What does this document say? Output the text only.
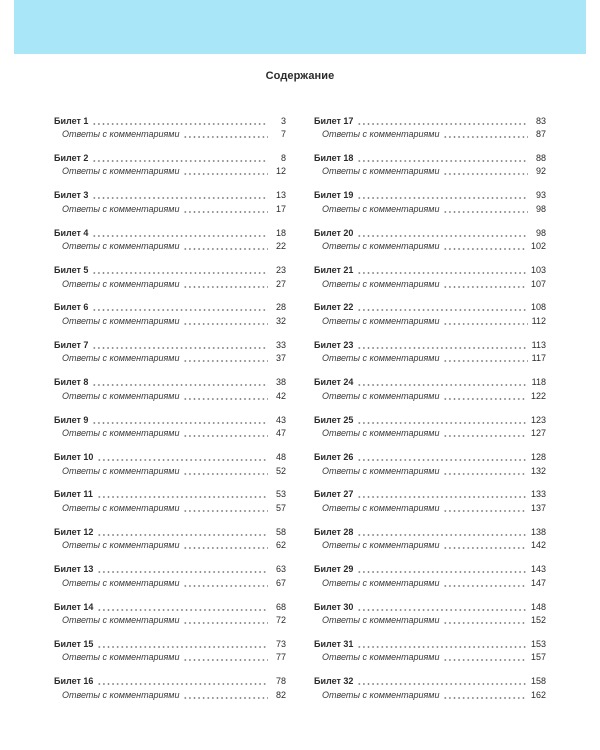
Содержание
Билет 1	3
Ответы с комментариями	7
Билет 2	8
Ответы с комментариями	12
Билет 3	13
Ответы с комментариями	17
Билет 4	18
Ответы с комментариями	22
Билет 5	23
Ответы с комментариями	27
Билет 6	28
Ответы с комментариями	32
Билет 7	33
Ответы с комментариями	37
Билет 8	38
Ответы с комментариями	42
Билет 9	43
Ответы с комментариями	47
Билет 10	48
Ответы с комментариями	52
Билет 11	53
Ответы с комментариями	57
Билет 12	58
Ответы с комментариями	62
Билет 13	63
Ответы с комментариями	67
Билет 14	68
Ответы с комментариями	72
Билет 15	73
Ответы с комментариями	77
Билет 16	78
Ответы с комментариями	82
Билет 17	83
Ответы с комментариями	87
Билет 18	88
Ответы с комментариями	92
Билет 19	93
Ответы с комментариями	98
Билет 20	98
Ответы с комментариями	102
Билет 21	103
Ответы с комментариями	107
Билет 22	108
Ответы с комментариями	112
Билет 23	113
Ответы с комментариями	117
Билет 24	118
Ответы с комментариями	122
Билет 25	123
Ответы с комментариями	127
Билет 26	128
Ответы с комментариями	132
Билет 27	133
Ответы с комментариями	137
Билет 28	138
Ответы с комментариями	142
Билет 29	143
Ответы с комментариями	147
Билет 30	148
Ответы с комментариями	152
Билет 31	153
Ответы с комментариями	157
Билет 32	158
Ответы с комментариями	162
